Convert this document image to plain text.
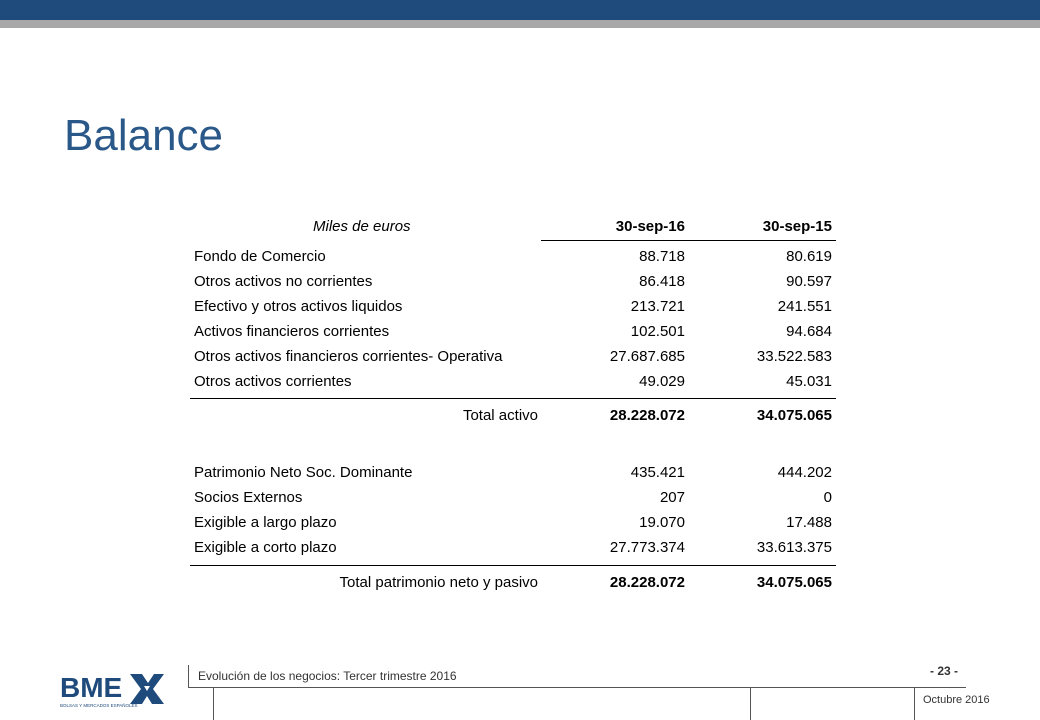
Balance
Miles de euros	30-sep-16	30-sep-15
Fondo de Comercio	88.718	80.619
Otros activos no corrientes	86.418	90.597
Efectivo y otros activos liquidos	213.721	241.551
Activos financieros corrientes	102.501	94.684
Otros activos financieros corrientes- Operativa	27.687.685	33.522.583
Otros activos corrientes	49.029	45.031
Total activo	28.228.072	34.075.065
Patrimonio Neto Soc. Dominante	435.421	444.202
Socios Externos	207	0
Exigible a largo plazo	19.070	17.488
Exigible a corto plazo	27.773.374	33.613.375
Total patrimonio neto y pasivo	28.228.072	34.075.065
BME
BOLSAS Y MERCADOS ESPAÑOLES
Evolución de los negocios: Tercer trimestre 2016	- 23 -
Octubre 2016
